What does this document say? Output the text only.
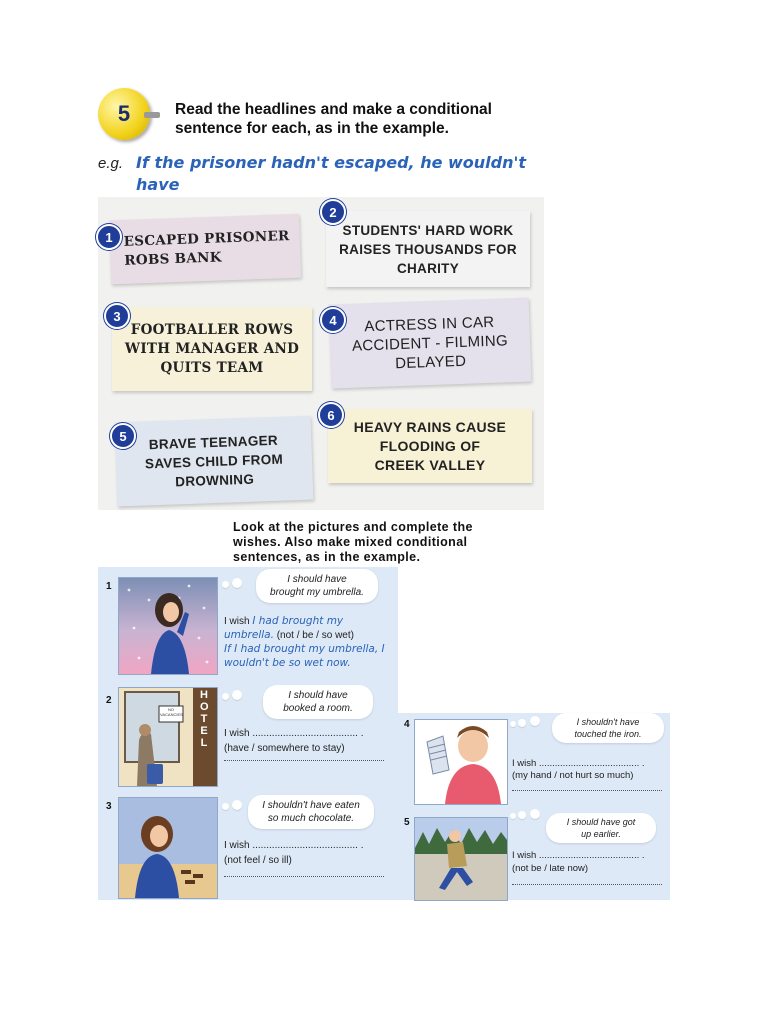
5	Read the headlines and make a conditional
sentence for each, as in the example.
e.g. If the prisoner hadn't escaped, he wouldn't have
ESCAPED PRISONER
ROBS BANK
1	STUDENTS' HARD WORK
RAISES THOUSANDS FOR
CHARITY
2
FOOTBALLER ROWS
WITH MANAGER AND
QUITS TEAM
3	ACTRESS IN CAR
ACCIDENT - FILMING
DELAYED
4
BRAVE TEENAGER
SAVES CHILD FROM
DROWNING
5
HEAVY RAINS CAUSE
FLOODING OF
CREEK VALLEY
6
Look at the pictures and complete the
wishes. Also make mixed conditional
sentences, as in the example.
1
I should have
brought my umbrella.
I wish I had brought my
umbrella. (not / be / so wet)
If I had brought my umbrella, I
wouldn't be so wet now.
2	HOTEL
NO
VACANCIES
I should have
booked a room.
I wish ...................................... .
(have / somewhere to stay)
3	I shouldn't have eaten
so much chocolate.
I wish ...................................... .
(not feel / so ill)
4	I shouldn't have
touched the iron.
I wish ...................................... .
(my hand / not hurt so much)
5	I should have got
up earlier.
I wish ...................................... .
(not be / late now)
